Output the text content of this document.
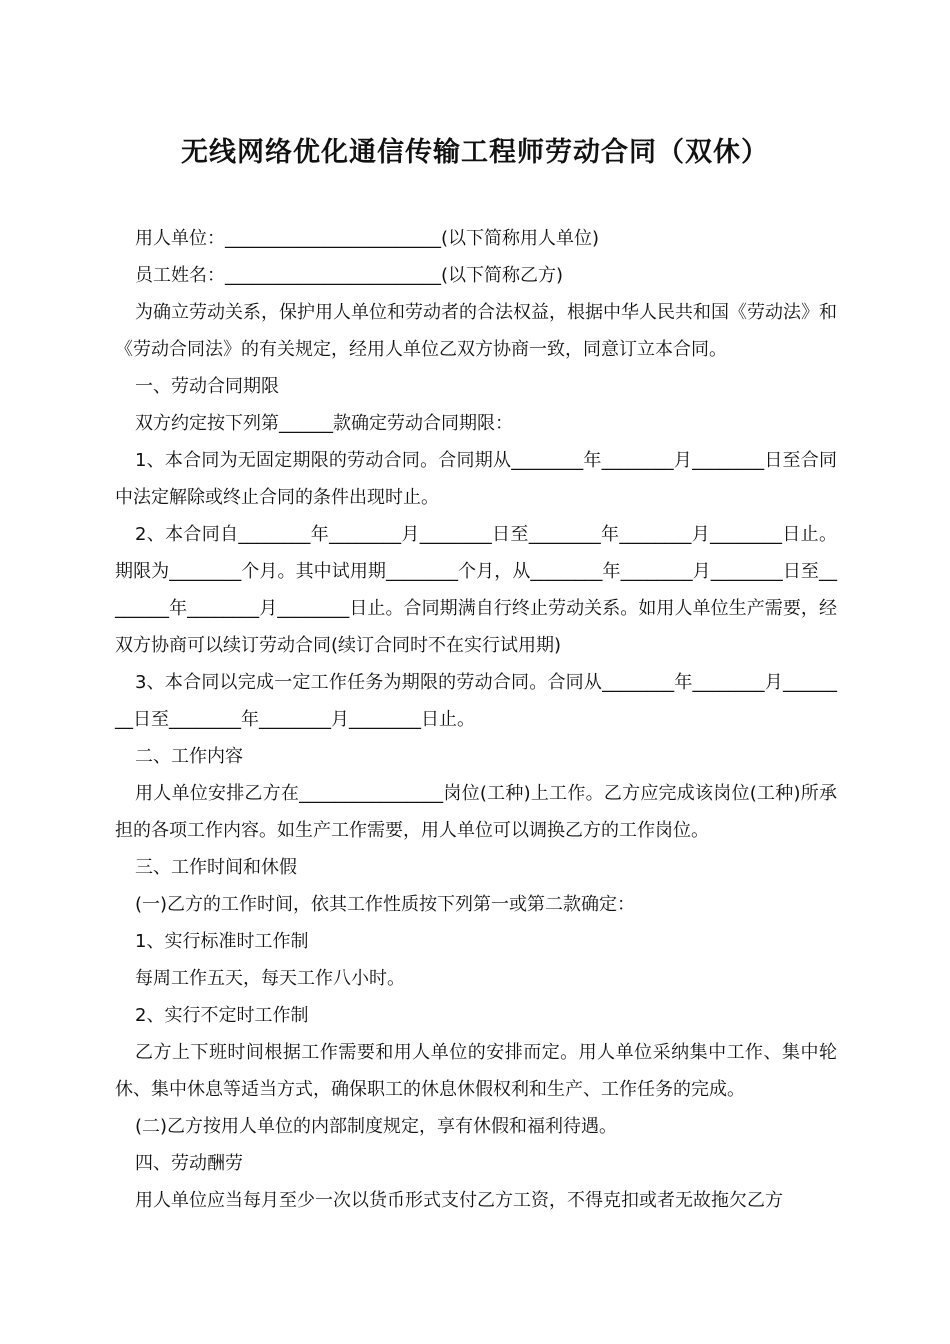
无线网络优化通信传输工程师劳动合同（双休）

用人单位：________________________(以下简称用人单位)

员工姓名：________________________(以下简称乙方)

为确立劳动关系，保护用人单位和劳动者的合法权益，根据中华人民共和国《劳动法》和《劳动合同法》的有关规定，经用人单位乙双方协商一致，同意订立本合同。

一、劳动合同期限

双方约定按下列第______款确定劳动合同期限：

1、本合同为无固定期限的劳动合同。合同期从________年________月________日至合同中法定解除或终止合同的条件出现时止。

2、本合同自________年________月________日至________年________月________日止。期限为________个月。其中试用期________个月，从________年________月________日至________年________月________日止。合同期满自行终止劳动关系。如用人单位生产需要，经双方协商可以续订劳动合同(续订合同时不在实行试用期)

3、本合同以完成一定工作任务为期限的劳动合同。合同从________年________月________日至________年________月________日止。

二、工作内容

用人单位安排乙方在________________岗位(工种)上工作。乙方应完成该岗位(工种)所承担的各项工作内容。如生产工作需要，用人单位可以调换乙方的工作岗位。

三、工作时间和休假

(一)乙方的工作时间，依其工作性质按下列第一或第二款确定：

1、实行标准时工作制

每周工作五天，每天工作八小时。

2、实行不定时工作制

乙方上下班时间根据工作需要和用人单位的安排而定。用人单位采纳集中工作、集中轮休、集中休息等适当方式，确保职工的休息休假权利和生产、工作任务的完成。

(二)乙方按用人单位的内部制度规定，享有休假和福利待遇。

四、劳动酬劳

用人单位应当每月至少一次以货币形式支付乙方工资，不得克扣或者无故拖欠乙方
